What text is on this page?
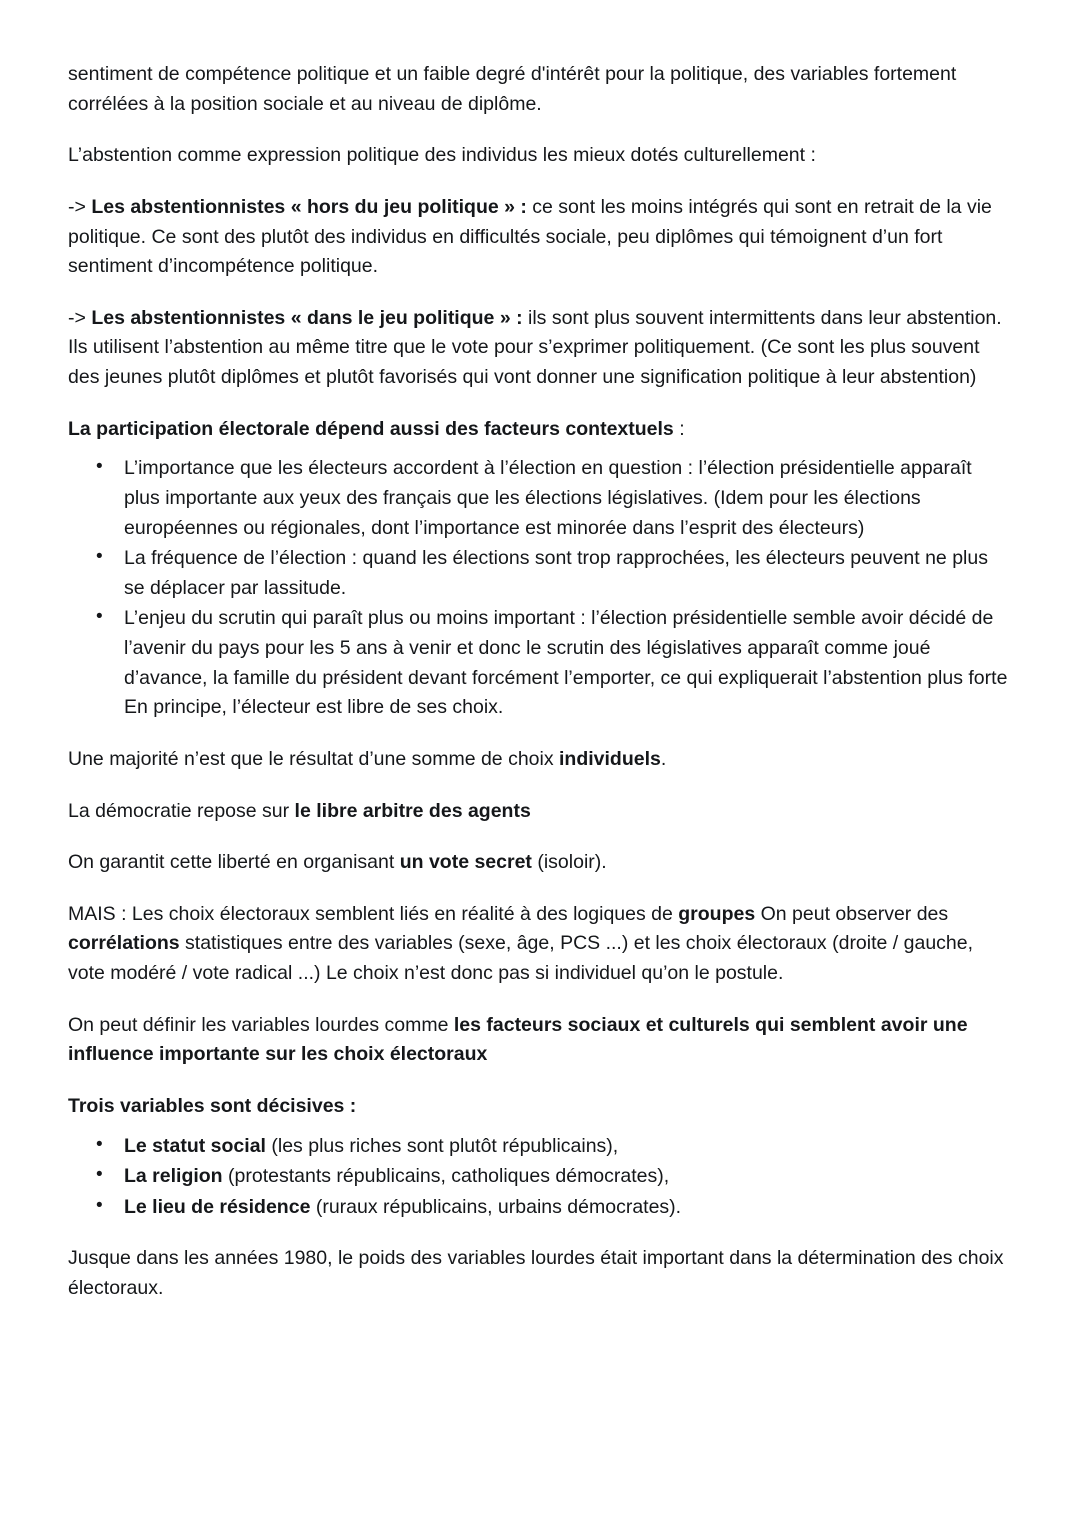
sentiment de compétence politique et un faible degré d'intérêt pour la politique, des variables fortement corrélées à la position sociale et au niveau de diplôme.

L’abstention comme expression politique des individus les mieux dotés culturellement :

-> Les abstentionnistes « hors du jeu politique » : ce sont les moins intégrés qui sont en retrait de la vie politique. Ce sont des plutôt des individus en difficultés sociale, peu diplômes qui témoignent d’un fort sentiment d’incompétence politique.

-> Les abstentionnistes « dans le jeu politique » : ils sont plus souvent intermittents dans leur abstention. Ils utilisent l’abstention au même titre que le vote pour s’exprimer politiquement. (Ce sont les plus souvent des jeunes plutôt diplômes et plutôt favorisés qui vont donner une signification politique à leur abstention)

La participation électorale dépend aussi des facteurs contextuels :
• L’importance que les électeurs accordent à l’élection en question : l’élection présidentielle apparaît plus importante aux yeux des français que les élections législatives. (Idem pour les élections européennes ou régionales, dont l’importance est minorée dans l’esprit des électeurs)
• La fréquence de l’élection : quand les élections sont trop rapprochées, les électeurs peuvent ne plus se déplacer par lassitude.
• L’enjeu du scrutin qui paraît plus ou moins important : l’élection présidentielle semble avoir décidé de l’avenir du pays pour les 5 ans à venir et donc le scrutin des législatives apparaît comme joué d’avance, la famille du président devant forcément l’emporter, ce qui expliquerait l’abstention plus forte En principe, l’électeur est libre de ses choix.

Une majorité n’est que le résultat d’une somme de choix individuels.

La démocratie repose sur le libre arbitre des agents

On garantit cette liberté en organisant un vote secret (isoloir).

MAIS : Les choix électoraux semblent liés en réalité à des logiques de groupes On peut observer des corrélations statistiques entre des variables (sexe, âge, PCS ...) et les choix électoraux (droite / gauche, vote modéré / vote radical ...) Le choix n’est donc pas si individuel qu’on le postule.

On peut définir les variables lourdes comme les facteurs sociaux et culturels qui semblent avoir une influence importante sur les choix électoraux

Trois variables sont décisives :
• Le statut social (les plus riches sont plutôt républicains),
• La religion (protestants républicains, catholiques démocrates),
• Le lieu de résidence (ruraux républicains, urbains démocrates).

Jusque dans les années 1980, le poids des variables lourdes était important dans la détermination des choix électoraux.
